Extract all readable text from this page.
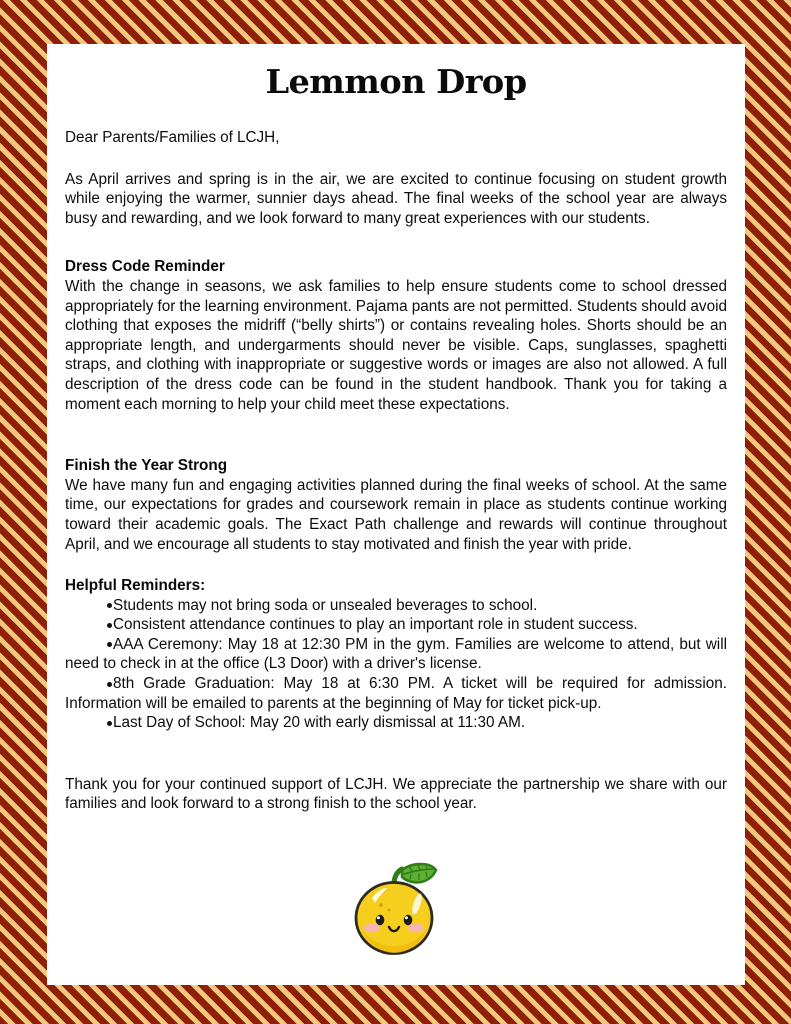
Lemmon Drop

Dear Parents/Families of LCJH,

As April arrives and spring is in the air, we are excited to continue focusing on student growth while enjoying the warmer, sunnier days ahead. The final weeks of the school year are always busy and rewarding, and we look forward to many great experiences with our students.

Dress Code Reminder

With the change in seasons, we ask families to help ensure students come to school dressed appropriately for the learning environment. Pajama pants are not permitted. Students should avoid clothing that exposes the midriff (“belly shirts”) or contains revealing holes. Shorts should be an appropriate length, and undergarments should never be visible. Caps, sunglasses, spaghetti straps, and clothing with inappropriate or suggestive words or images are also not allowed. A full description of the dress code can be found in the student handbook. Thank you for taking a moment each morning to help your child meet these expectations.

Finish the Year Strong

We have many fun and engaging activities planned during the final weeks of school. At the same time, our expectations for grades and coursework remain in place as students continue working toward their academic goals. The Exact Path challenge and rewards will continue throughout April, and we encourage all students to stay motivated and finish the year with pride.

Helpful Reminders:
Students may not bring soda or unsealed beverages to school.
Consistent attendance continues to play an important role in student success.
AAA Ceremony: May 18 at 12:30 PM in the gym. Families are welcome to attend, but will need to check in at the office (L3 Door) with a driver's license.
8th Grade Graduation: May 18 at 6:30 PM. A ticket will be required for admission. Information will be emailed to parents at the beginning of May for ticket pick-up.
Last Day of School: May 20 with early dismissal at 11:30 AM.

Thank you for your continued support of LCJH. We appreciate the partnership we share with our families and look forward to a strong finish to the school year.
